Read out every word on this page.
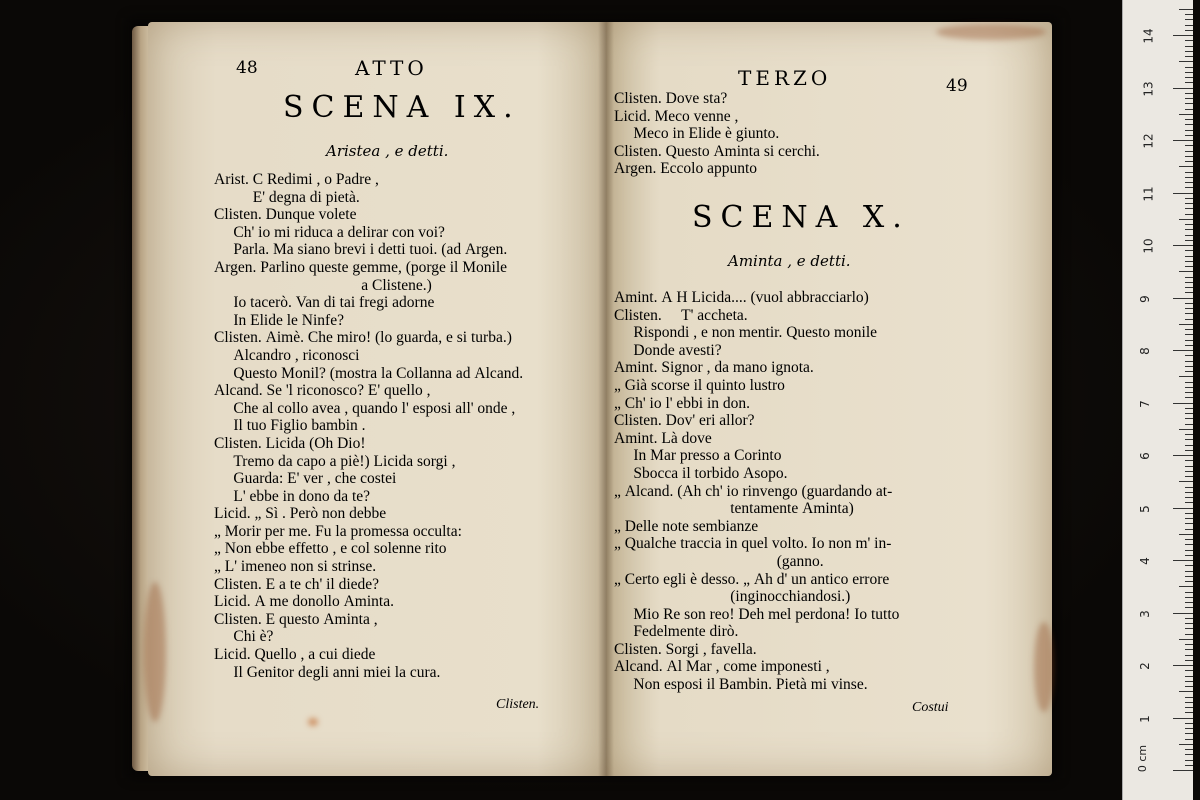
48	ATTO
SCENA IX.
Aristea , e detti.
Arist. C Redimi , o Padre ,
E' degna di pietà.
Clisten. Dunque volete
Ch' io mi riduca a delirar con voi?
Parla. Ma siano brevi i detti tuoi. (ad Argen.
Argen. Parlino queste gemme, (porge il Monile
a Clistene.)
Io tacerò. Van di tai fregi adorne
In Elide le Ninfe?
Clisten. Aimè. Che miro! (lo guarda, e si turba.)
Alcandro , riconosci
Questo Monil? (mostra la Collanna ad Alcand.
Alcand. Se 'l riconosco? E' quello ,
Che al collo avea , quando l' esposi all' onde ,
Il tuo Figlio bambin .
Clisten. Licida (Oh Dio!
Tremo da capo a piè!) Licida sorgi ,
Guarda: E' ver , che costei
L' ebbe in dono da te?
Licid. „ Sì . Però non debbe
„ Morir per me. Fu la promessa occulta:
„ Non ebbe effetto , e col solenne rito
„ L' imeneo non si strinse.
Clisten. E a te ch' il diede?
Licid. A me donollo Aminta.
Clisten. E questo Aminta ,
Chi è?
Licid. Quello , a cui diede
Il Genitor degli anni miei la cura.
Clisten.
TERZO	49
Clisten. Dove sta?
Licid. Meco venne ,
Meco in Elide è giunto.
Clisten. Questo Aminta si cerchi.
Argen. Eccolo appunto
SCENA X.
Aminta , e detti.
Amint. A H Licida.... (vuol abbracciarlo)
Clisten.     T' accheta.
Rispondi , e non mentir. Questo monile
Donde avesti?
Amint. Signor , da mano ignota.
„ Già scorse il quinto lustro
„ Ch' io l' ebbi in don.
Clisten. Dov' eri allor?
Amint. Là dove
In Mar presso a Corinto
Sbocca il torbido Asopo.
„ Alcand. (Ah ch' io rinvengo (guardando at-
tentamente Aminta)
„ Delle note sembianze
„ Qualche traccia in quel volto. Io non m' in-
(ganno.
„ Certo egli è desso. „ Ah d' un antico errore
(inginocchiandosi.)
Mio Re son reo! Deh mel perdona! Io tutto
Fedelmente dirò.
Clisten. Sorgi , favella.
Alcand. Al Mar , come imponesti ,
Non esposi il Bambin. Pietà mi vinse.
Costui
0 cm
1
2
3
4
5
6
7
8
9
10
11
12
13
14
